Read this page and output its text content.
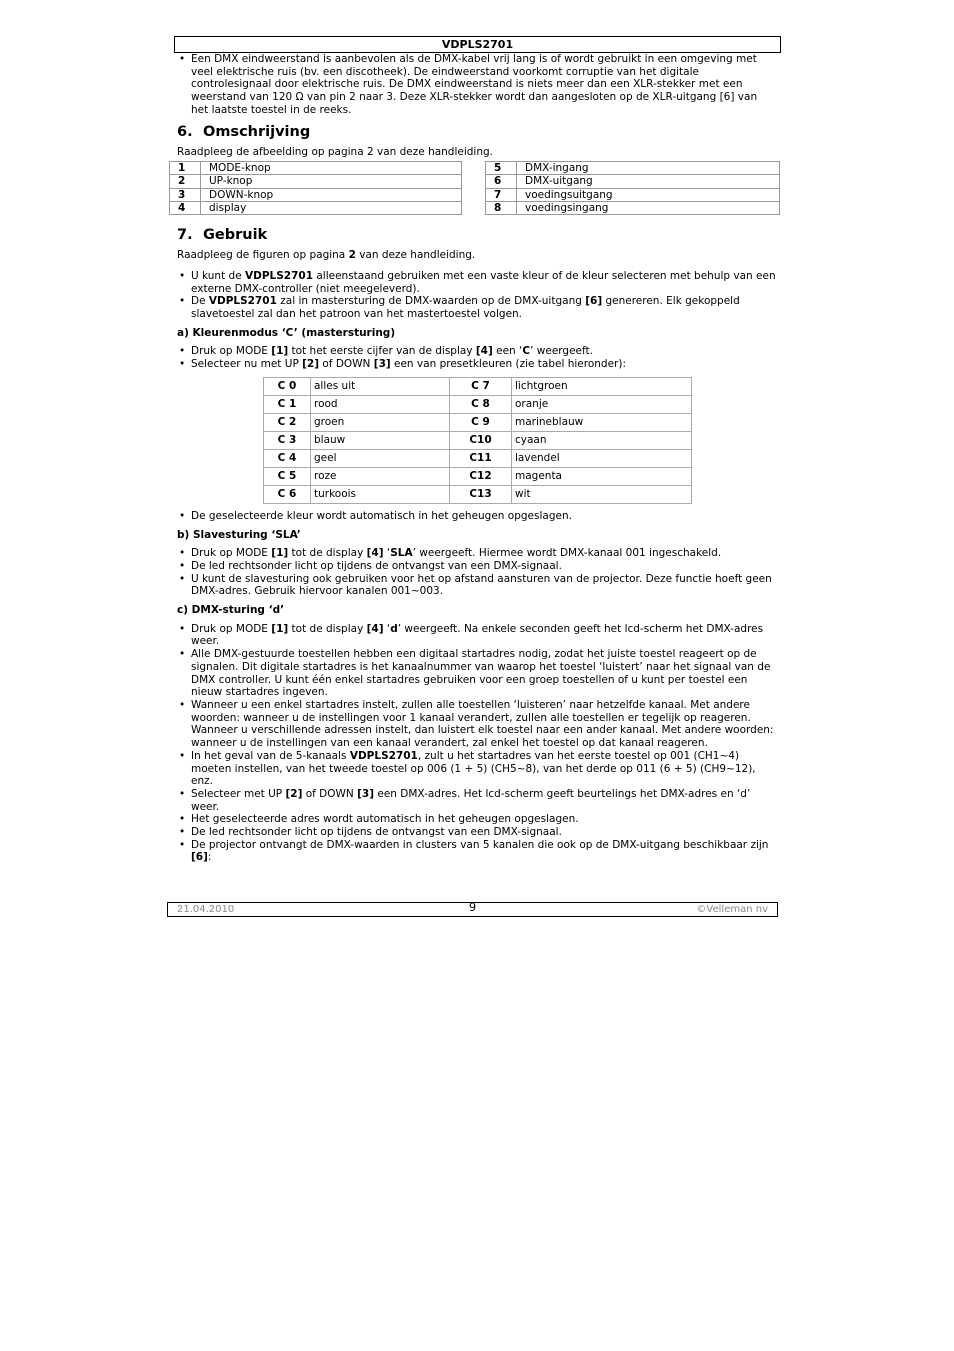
VDPLS2701
• Een DMX eindweerstand is aanbevolen als de DMX-kabel vrij lang is of wordt gebruikt in een omgeving met veel elektrische ruis (bv. een discotheek). De eindweerstand voorkomt corruptie van het digitale controlesignaal door elektrische ruis. De DMX eindweerstand is niets meer dan een XLR-stekker met een weerstand van 120 Ω van pin 2 naar 3. Deze XLR-stekker wordt dan aangesloten op de XLR-uitgang [6] van het laatste toestel in de reeks.
6. Omschrijving

Raadpleeg de afbeelding op pagina 2 van deze handleiding.

7. Gebruik

Raadpleeg de figuren op pagina 2 van deze handleiding.

• U kunt de VDPLS2701 alleenstaand gebruiken met een vaste kleur of de kleur selecteren met behulp van een externe DMX-controller (niet meegeleverd).
• De VDPLS2701 zal in mastersturing de DMX-waarden op de DMX-uitgang [6] genereren. Elk gekoppeld slavetoestel zal dan het patroon van het mastertoestel volgen.
a) Kleurenmodus ‘C’ (mastersturing)
• Druk op MODE [1] tot het eerste cijfer van de display [4] een ‘C’ weergeeft.
• Selecteer nu met UP [2] of DOWN [3] een van presetkleuren (zie tabel hieronder):
C 0	alles uit	C 7	lichtgroen
C 1	rood	C 8	oranje
C 2	groen	C 9	marineblauw
C 3	blauw	C10	cyaan
C 4	geel	C11	lavendel
C 5	roze	C12	magenta
C 6	turkoois	C13	wit
• De geselecteerde kleur wordt automatisch in het geheugen opgeslagen.
b) Slavesturing ‘SLA’
• Druk op MODE [1] tot de display [4] ‘SLA’ weergeeft. Hiermee wordt DMX-kanaal 001 ingeschakeld.
• De led rechtsonder licht op tijdens de ontvangst van een DMX-signaal.
• U kunt de slavesturing ook gebruiken voor het op afstand aansturen van de projector. Deze functie hoeft geen DMX-adres. Gebruik hiervoor kanalen 001~003.
c) DMX-sturing ‘d’
• Druk op MODE [1] tot de display [4] ‘d’ weergeeft. Na enkele seconden geeft het lcd-scherm het DMX-adres weer.
• Alle DMX-gestuurde toestellen hebben een digitaal startadres nodig, zodat het juiste toestel reageert op de signalen. Dit digitale startadres is het kanaalnummer van waarop het toestel ‘luistert’ naar het signaal van de DMX controller. U kunt één enkel startadres gebruiken voor een groep toestellen of u kunt per toestel een nieuw startadres ingeven.
• Wanneer u een enkel startadres instelt, zullen alle toestellen ‘luisteren’ naar hetzelfde kanaal. Met andere woorden: wanneer u de instellingen voor 1 kanaal verandert, zullen alle toestellen er tegelijk op reageren. Wanneer u verschillende adressen instelt, dan luistert elk toestel naar een ander kanaal. Met andere woorden: wanneer u de instellingen van een kanaal verandert, zal enkel het toestel op dat kanaal reageren.
• In het geval van de 5-kanaals VDPLS2701, zult u het startadres van het eerste toestel op 001 (CH1~4) moeten instellen, van het tweede toestel op 006 (1 + 5) (CH5~8), van het derde op 011 (6 + 5) (CH9~12), enz.
• Selecteer met UP [2] of DOWN [3] een DMX-adres. Het lcd-scherm geeft beurtelings het DMX-adres en ‘d’ weer.
• Het geselecteerde adres wordt automatisch in het geheugen opgeslagen.
• De led rechtsonder licht op tijdens de ontvangst van een DMX-signaal.
• De projector ontvangt de DMX-waarden in clusters van 5 kanalen die ook op de DMX-uitgang beschikbaar zijn [6]:
1	MODE-knop
2	UP-knop
3	DOWN-knop
4	display
5	DMX-ingang
6	DMX-uitgang
7	voedingsuitgang
8	voedingsingang
21.04.2010	9	©Velleman nv
